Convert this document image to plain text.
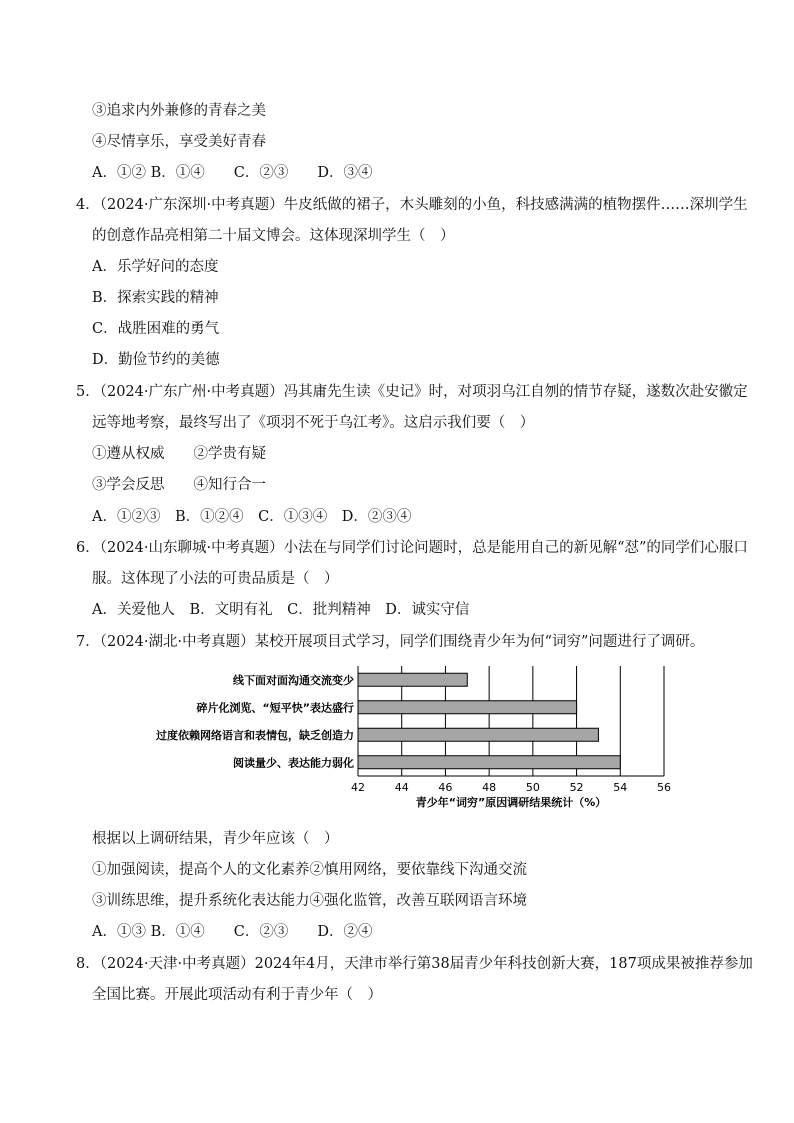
③追求内外兼修的青春之美
④尽情享乐，享受美好青春
A．①② B．①④　　C．②③　　D．③④
4．（2024·广东深圳·中考真题）牛皮纸做的裙子，木头雕刻的小鱼，科技感满满的植物摆件……深圳学生
的创意作品亮相第二十届文博会。这体现深圳学生（　）
A．乐学好问的态度
B．探索实践的精神
C．战胜困难的勇气
D．勤俭节约的美德
5．（2024·广东广州·中考真题）冯其庸先生读《史记》时，对项羽乌江自刎的情节存疑，遂数次赴安徽定
远等地考察，最终写出了《项羽不死于乌江考》。这启示我们要（　）
①遵从权威　　②学贵有疑
③学会反思　　④知行合一
A．①②③　B．①②④　C．①③④　D．②③④
6．（2024·山东聊城·中考真题）小法在与同学们讨论问题时，总是能用自己的新见解“怼”的同学们心服口
服。这体现了小法的可贵品质是（　）
A．关爱他人　B．文明有礼　C．批判精神　D．诚实守信
7．（2024·湖北·中考真题）某校开展项目式学习，同学们围绕青少年为何“词穷”问题进行了调研。
线下面对面沟通交流变少
碎片化浏览、“短平快”表达盛行
过度依赖网络语言和表情包，缺乏创造力
阅读量少、表达能力弱化
42	44	46	48	50	52	54	56
青少年“词穷”原因调研结果统计（%）
根据以上调研结果，青少年应该（　）
①加强阅读，提高个人的文化素养②慎用网络，要依靠线下沟通交流
③训练思维，提升系统化表达能力④强化监管，改善互联网语言环境
A．①③ B．①④　　C．②③　　D．②④
8．（2024·天津·中考真题）2024年4月，天津市举行第38届青少年科技创新大赛，187项成果被推荐参加
全国比赛。开展此项活动有利于青少年（　）
